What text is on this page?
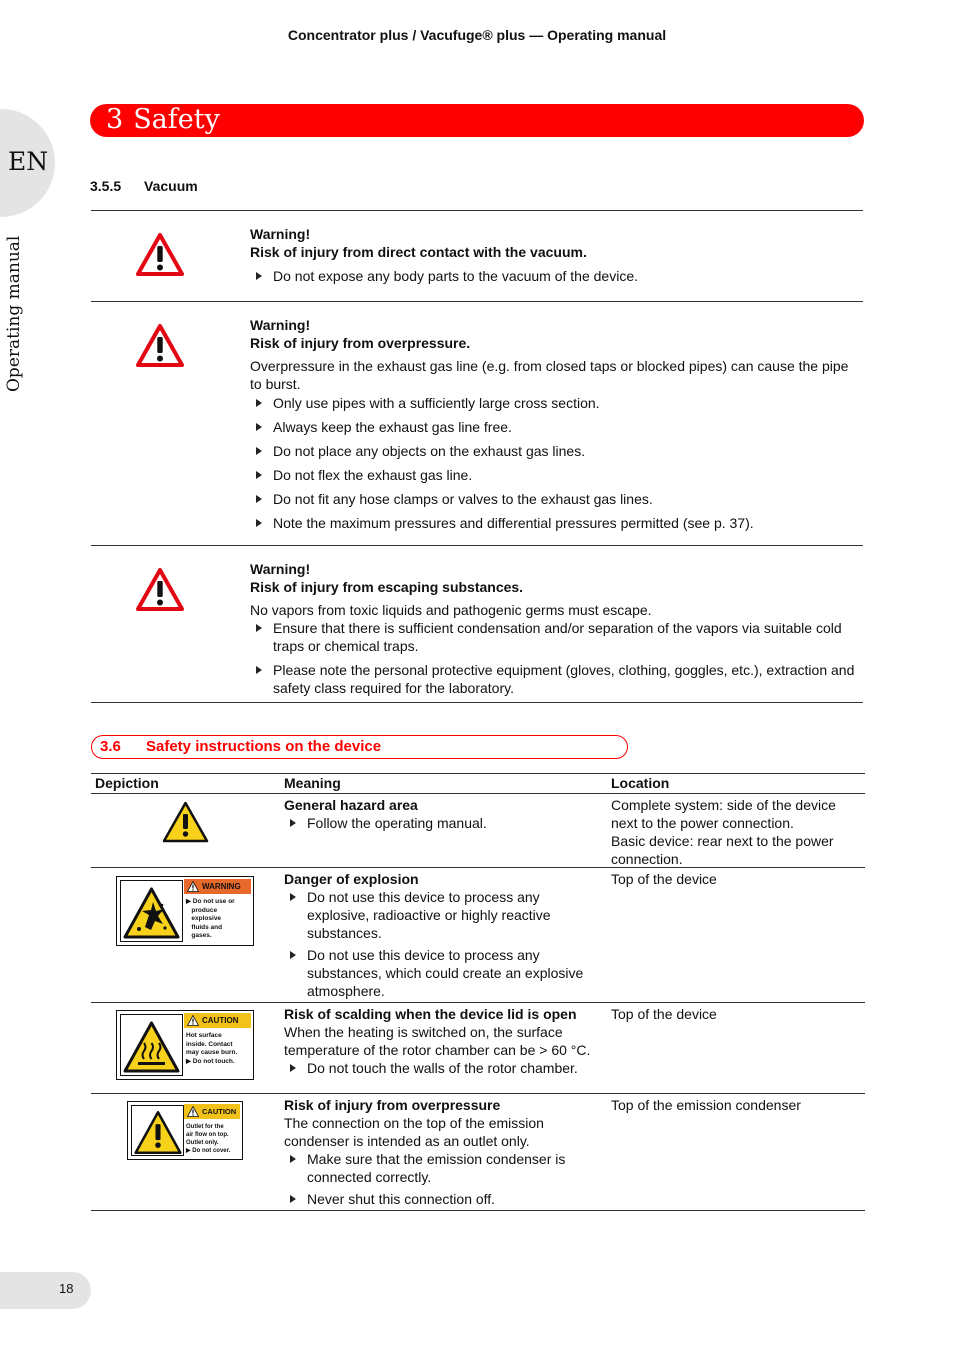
Concentrator plus / Vacufuge® plus — Operating manual
3 Safety
EN
Operating manual
3.5.5 Vacuum
Warning!
Risk of injury from direct contact with the vacuum.
Do not expose any body parts to the vacuum of the device.
Warning!
Risk of injury from overpressure.
Overpressure in the exhaust gas line (e.g. from closed taps or blocked pipes) can cause the pipe to burst.
Only use pipes with a sufficiently large cross section.
Always keep the exhaust gas line free.
Do not place any objects on the exhaust gas lines.
Do not flex the exhaust gas line.
Do not fit any hose clamps or valves to the exhaust gas lines.
Note the maximum pressures and differential pressures permitted (see p. 37).
Warning!
Risk of injury from escaping substances.
No vapors from toxic liquids and pathogenic germs must escape.
Ensure that there is sufficient condensation and/or separation of the vapors via suitable cold traps or chemical traps.
Please note the personal protective equipment (gloves, clothing, goggles, etc.), extraction and safety class required for the laboratory.
3.6 Safety instructions on the device
Depiction	Meaning	Location
General hazard area
Follow the operating manual.
Complete system: side of the device next to the power connection.
Basic device: rear next to the power connection.
WARNING
▶ Do not use or
produce
explosive
fluids and
gases.
Danger of explosion
Do not use this device to process any explosive, radioactive or highly reactive substances.
Do not use this device to process any substances, which could create an explosive atmosphere.
Top of the device
CAUTION
Hot surface
inside. Contact
may cause burn.
▶ Do not touch.
Risk of scalding when the device lid is open
When the heating is switched on, the surface temperature of the rotor chamber can be > 60 °C.
Do not touch the walls of the rotor chamber.
Top of the device
CAUTION
Outlet for the
air flow on top.
Outlet only.
▶ Do not cover.
Risk of injury from overpressure
The connection on the top of the emission condenser is intended as an outlet only.
Make sure that the emission condenser is connected correctly.
Never shut this connection off.
Top of the emission condenser
18
